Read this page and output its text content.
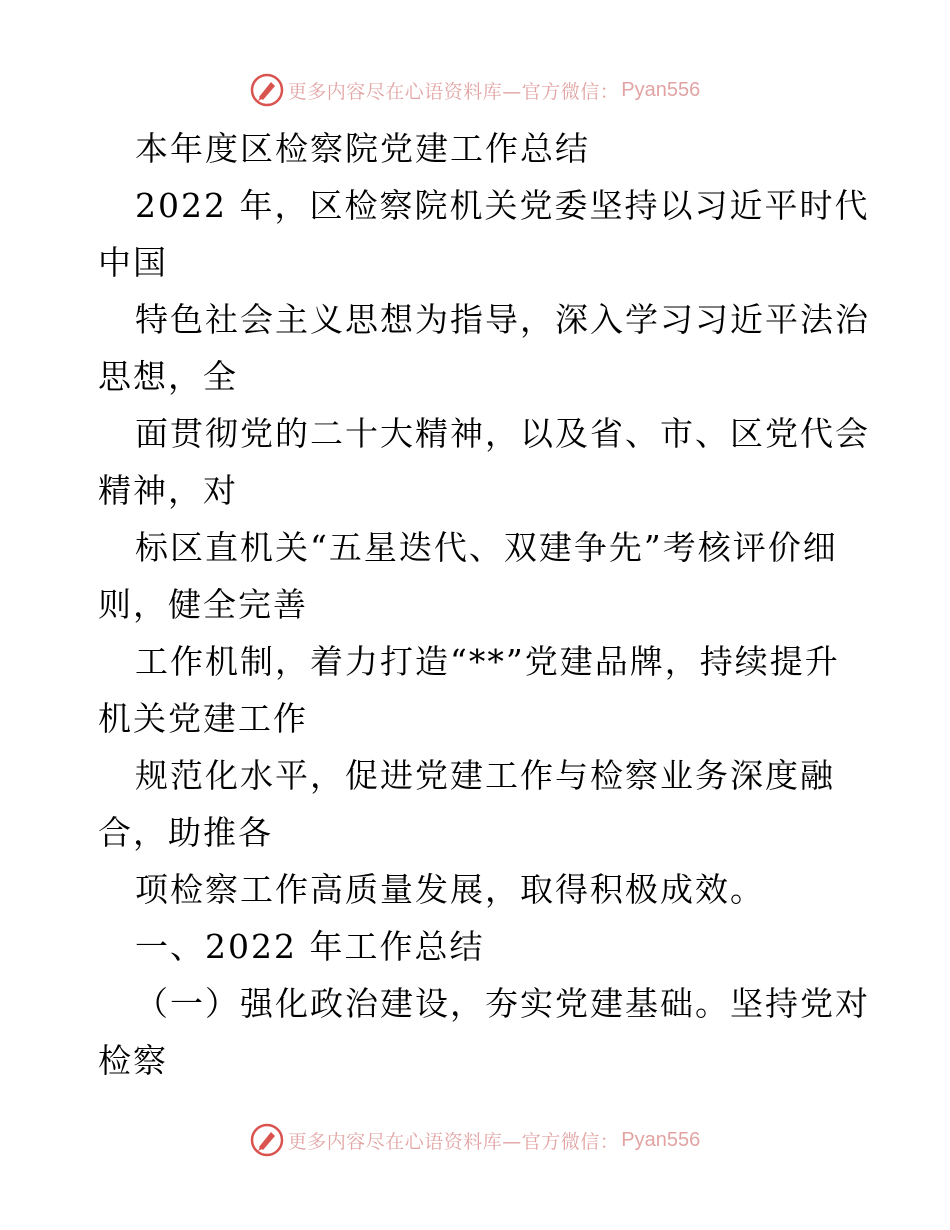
更多内容尽在心语资料库—官方微信： Pyan556
本年度区检察院党建工作总结
2022 年，区检察院机关党委坚持以习近平时代
中国
特色社会主义思想为指导，深入学习习近平法治
思想，全
面贯彻党的二十大精神，以及省、市、区党代会
精神，对
标区直机关“五星迭代、双建争先”考核评价细
则，健全完善
工作机制，着力打造“**”党建品牌，持续提升
机关党建工作
规范化水平，促进党建工作与检察业务深度融
合，助推各
项检察工作高质量发展，取得积极成效。
一、2022 年工作总结
（一）强化政治建设，夯实党建基础。坚持党对
检察
更多内容尽在心语资料库—官方微信： Pyan556
